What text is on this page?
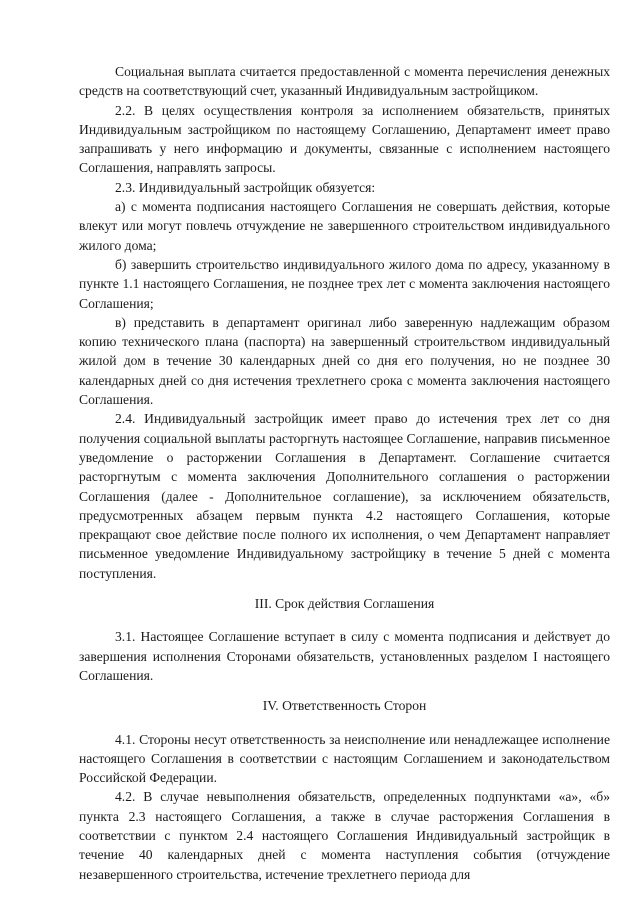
Социальная выплата считается предоставленной с момента перечисления денежных средств на соответствующий счет, указанный Индивидуальным застройщиком.

2.2. В целях осуществления контроля за исполнением обязательств, принятых Индивидуальным застройщиком по настоящему Соглашению, Департамент имеет право запрашивать у него информацию и документы, связанные с исполнением настоящего Соглашения, направлять запросы.

2.3. Индивидуальный застройщик обязуется:

а) с момента подписания настоящего Соглашения не совершать действия, которые влекут или могут повлечь отчуждение не завершенного строительством индивидуального жилого дома;

б) завершить строительство индивидуального жилого дома по адресу, указанному в пункте 1.1 настоящего Соглашения, не позднее трех лет с момента заключения настоящего Соглашения;

в) представить в департамент оригинал либо заверенную надлежащим образом копию технического плана (паспорта) на завершенный строительством индивидуальный жилой дом в течение 30 календарных дней со дня его получения, но не позднее 30 календарных дней со дня истечения трехлетнего срока с момента заключения настоящего Соглашения.

2.4. Индивидуальный застройщик имеет право до истечения трех лет со дня получения социальной выплаты расторгнуть настоящее Соглашение, направив письменное уведомление о расторжении Соглашения в Департамент. Соглашение считается расторгнутым с момента заключения Дополнительного соглашения о расторжении Соглашения (далее - Дополнительное соглашение), за исключением обязательств, предусмотренных абзацем первым пункта 4.2 настоящего Соглашения, которые прекращают свое действие после полного их исполнения, о чем Департамент направляет письменное уведомление Индивидуальному застройщику в течение 5 дней с момента поступления.

III. Срок действия Соглашения

3.1. Настоящее Соглашение вступает в силу с момента подписания и действует до завершения исполнения Сторонами обязательств, установленных разделом I настоящего Соглашения.

IV. Ответственность Сторон

4.1. Стороны несут ответственность за неисполнение или ненадлежащее исполнение настоящего Соглашения в соответствии с настоящим Соглашением и законодательством Российской Федерации.

4.2. В случае невыполнения обязательств, определенных подпунктами «а», «б» пункта 2.3 настоящего Соглашения, а также в случае расторжения Соглашения в соответствии с пунктом 2.4 настоящего Соглашения Индивидуальный застройщик в течение 40 календарных дней с момента наступления события (отчуждение незавершенного строительства, истечение трехлетнего периода для
